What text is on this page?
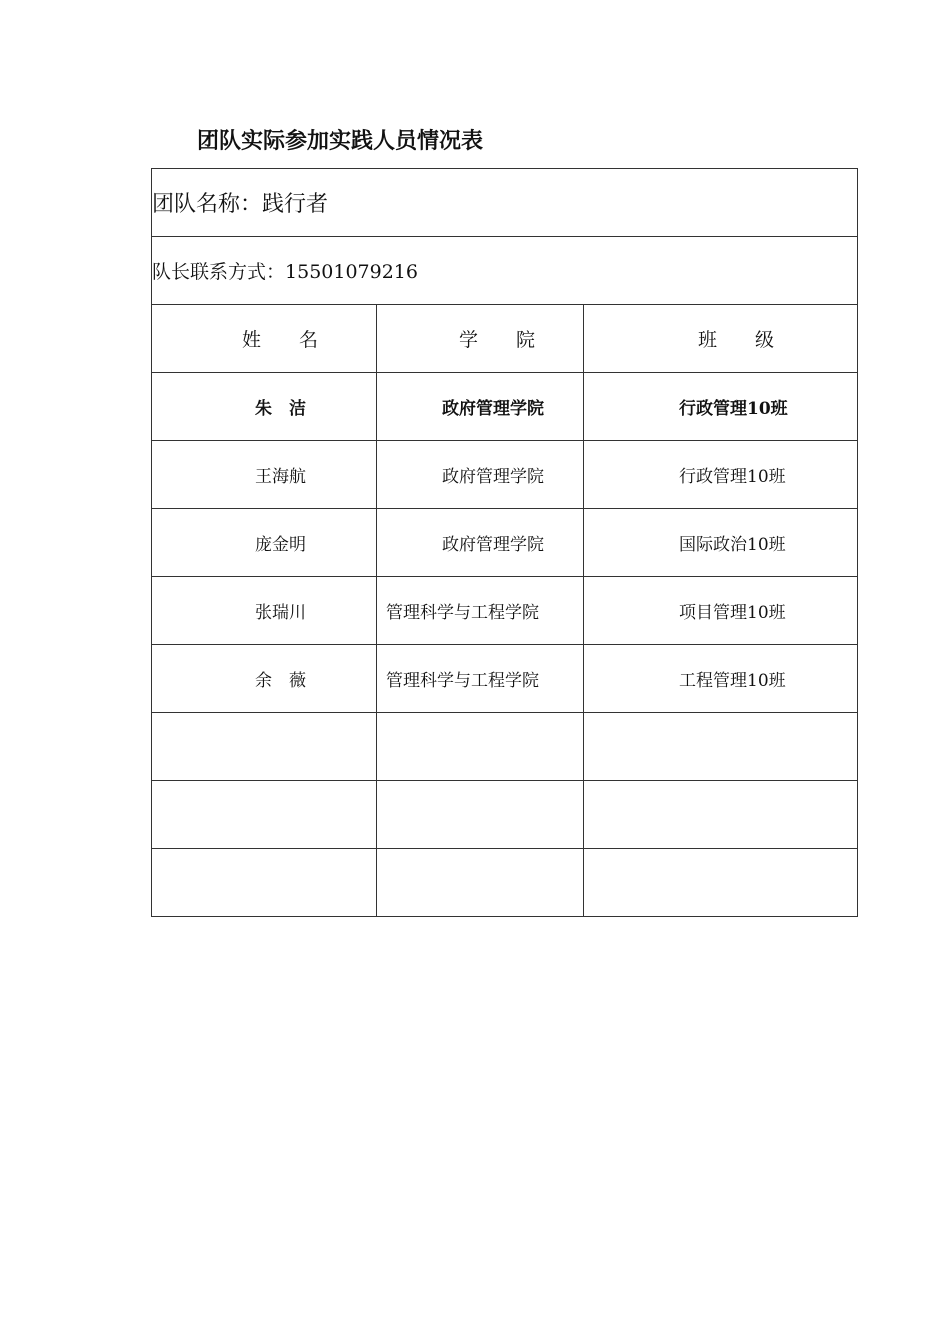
团队实际参加实践人员情况表
团队名称：践行者		
队长联系方式：15501079216		

姓　　名	学　　院	班　　级

朱　洁	政府管理学院	行政管理10班

王海航	政府管理学院	行政管理10班

庞金明	政府管理学院	国际政治10班

张瑞川	管理科学与工程学院	项目管理10班

余　薇	管理科学与工程学院	工程管理10班
